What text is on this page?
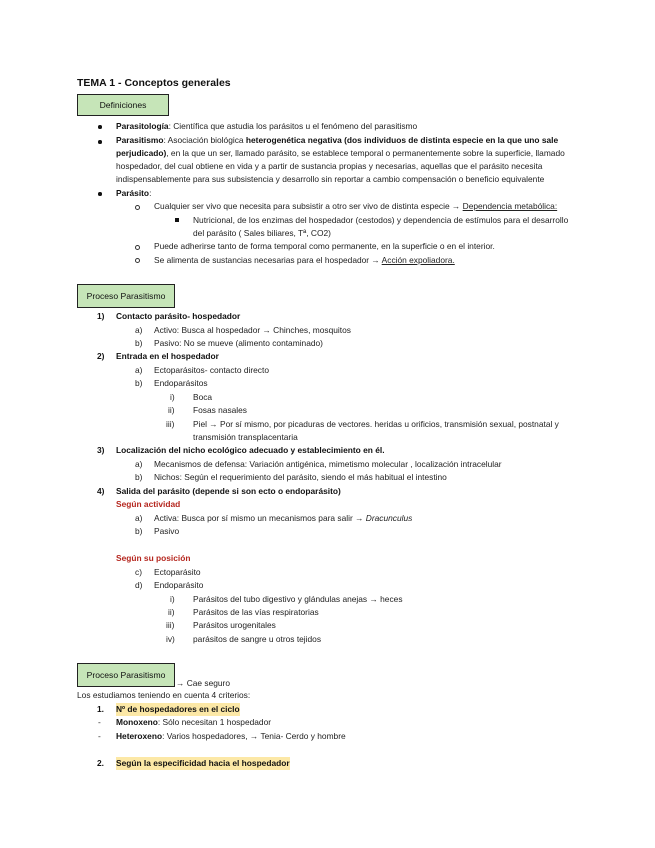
TEMA 1 - Conceptos generales
Definiciones
Parasitología: Científica que astudia los parásitos u el fenómeno del parasitismo
Parasitismo: Asociación biológica heterogenética negativa (dos individuos de distinta especie en la que uno sale
perjudicado), en la que un ser, llamado parásito, se establece temporal o permanentemente sobre la superficie, llamado
hospedador, del cual obtiene en vida y a partir de sustancia propias y necesarias, aquellas que el parásito necesita
indispensablemente para sus subsistencia y desarrollo sin reportar a cambio compensación o beneficio equivalente
Parásito:
Cualquier ser vivo que necesita para subsistir a otro ser vivo de distinta especie → Dependencia metabólica:
Nutricional, de los enzimas del hospedador (cestodos) y dependencia de estímulos para el desarrollo
del parásito ( Sales biliares, Tª, CO2)
Puede adherirse tanto de forma temporal como permanente, en la superficie o en el interior.
Se alimenta de sustancias necesarias para el hospedador → Acción expoliadora.
Proceso Parasitismo
1) Contacto parásito- hospedador
a) Activo: Busca al hospedador → Chinches, mosquitos
b) Pasivo: No se mueve (alimento contaminado)
2) Entrada en el hospedador
a) Ectoparásitos- contacto directo
b) Endoparásitos
i) Boca
ii) Fosas nasales
iii) Piel → Por sí mismo, por picaduras de vectores. heridas u orificios, transmisión sexual, postnatal y
transmisión transplacentaria
3) Localización del nicho ecológico adecuado y establecimiento en él.
a) Mecanismos de defensa: Variación antigénica, mimetismo molecular , localización intracelular
b) Nichos: Según el requerimiento del parásito, siendo el más habitual el intestino
4) Salida del parásito (depende si son ecto o endoparásito)
Según actividad
a) Activa: Busca por sí mismo un mecanismos para salir → Dracunculus
b) Pasivo
Según su posición
c) Ectoparásito
d) Endoparásito
i) Parásitos del tubo digestivo y glándulas anejas → heces
ii) Parásitos de las vías respiratorias
iii) Parásitos urogenitales
iv) parásitos de sangre u otros tejidos
Proceso Parasitismo
→ Cae seguro
Los estudiamos teniendo en cuenta 4 criterios:
1. Nº de hospedadores en el ciclo
- Monoxeno: Sólo necesitan 1 hospedador
- Heteroxeno: Varios hospedadores, → Tenia- Cerdo y hombre
2. Según la especificidad hacia el hospedador
